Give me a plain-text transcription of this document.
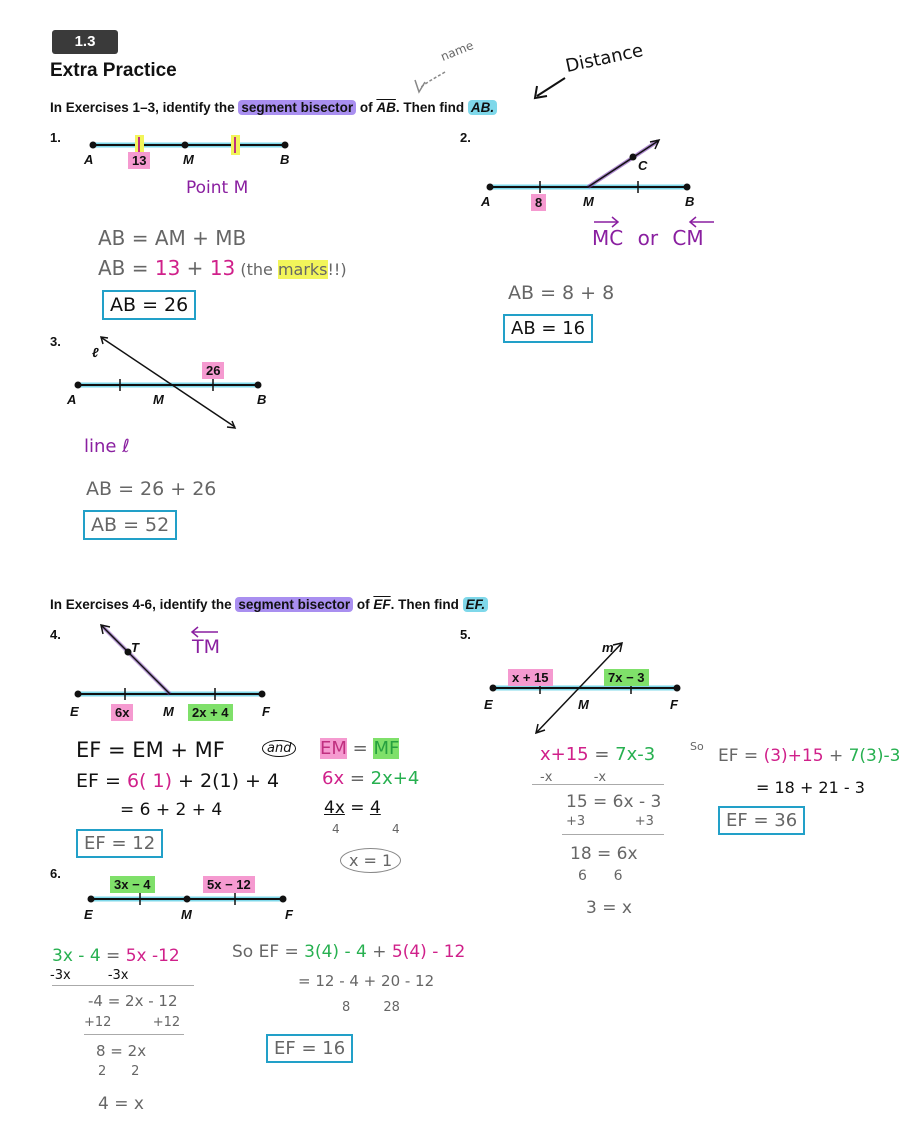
1.3
Extra Practice
name	Distance
In Exercises 1–3, identify the segment bisector of $\overline{AB}$. Then find AB.
1.
A	13	M	B
Point M
AB = AM + MB
AB = 13 + 13 (the marks!!)
AB = 26
2.
C
A	8	M	B
MC or CM
AB = 8 + 8
AB = 16
3.
ℓ
26
A	M	B
line ℓ
AB = 26 + 26
AB = 52
In Exercises 4-6, identify the segment bisector of $\overline{EF}$. Then find EF.
4.
T	TM
E	6x	M	2x + 4	F
EF = EM + MF	and
EF = 6( 1) + 2(1) + 4
= 6 + 2 + 4
EF = 12
EM = MF
6x = 2x+4
4x = 4
4	4
x = 1
5.
m
x + 15	7x − 3
E	M	F
x+15 = 7x-3
-x          -x
15 = 6x - 3
+3            +3
18 = 6x
6      6
3 = x
So EF = (3)+15 + 7(3)-3
= 18 + 21 - 3
EF = 36
6.
3x − 4	5x − 12
E	M	F
3x - 4 = 5x -12
-3x         -3x
-4 = 2x - 12
+12          +12
8 = 2x
2      2
4 = x
So EF = 3(4) - 4 + 5(4) - 12
= 12 - 4 + 20 - 12
8        28
EF = 16
